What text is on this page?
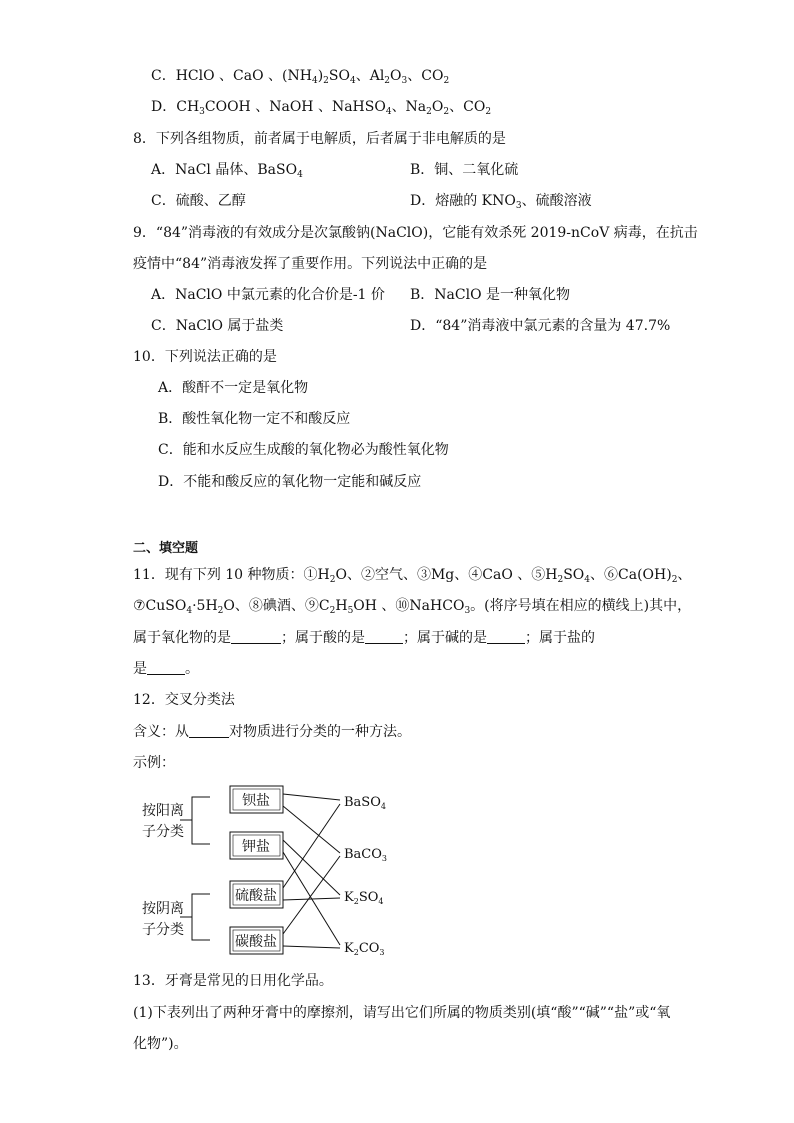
C．HClO 、CaO 、$(NH_4)_2SO_4$、$Al_2O_3$、$CO_2$
D．$CH_3COOH$ 、NaOH 、NaHSO$_4$、$Na_2O_2$、$CO_2$
8．下列各组物质，前者属于电解质，后者属于非电解质的是
A．NaCl 晶体、BaSO$_4$	B．铜、二氧化硫
C．硫酸、乙醇	D．熔融的 $KNO_3$、硫酸溶液
9．“84”消毒液的有效成分是次氯酸钠(NaClO)，它能有效杀死 2019-nCoV 病毒，在抗击
疫情中“84”消毒液发挥了重要作用。下列说法中正确的是
A．NaClO 中氯元素的化合价是-1 价 B．NaClO 是一种氧化物
C．NaClO 属于盐类	D．“84”消毒液中氯元素的含量为 47.7%
10．下列说法正确的是
A．酸酐不一定是氧化物
B．酸性氧化物一定不和酸反应
C．能和水反应生成酸的氧化物必为酸性氧化物
D．不能和酸反应的氧化物一定能和碱反应
二、填空题
11．现有下列 10 种物质：$①H_2O$、②空气、③Mg、④CaO 、$⑤H_2SO_4$、$⑥Ca(OH)_2$、
$⑦CuSO_4\cdot 5H_2O$、⑧碘酒、$⑨C_2H_5OH$ 、⑩NaHCO$_3$。(将序号填在相应的横线上)其中，
属于氧化物的是	；属于酸的是	；属于碱的是	；属于盐的
是	。
12．交叉分类法
含义：从	对物质进行分类的一种方法。
示例：
按阳离
子分类
按阴离
子分类
钡盐
钾盐
硫酸盐
碳酸盐
BaSO$_4$
BaCO$_3$
$K_2SO_4$
$K_2CO_3$
13．牙膏是常见的日用化学品。
(1)下表列出了两种牙膏中的摩擦剂，请写出它们所属的物质类别(填“酸”“碱”“盐”或“氧
化物”)。
